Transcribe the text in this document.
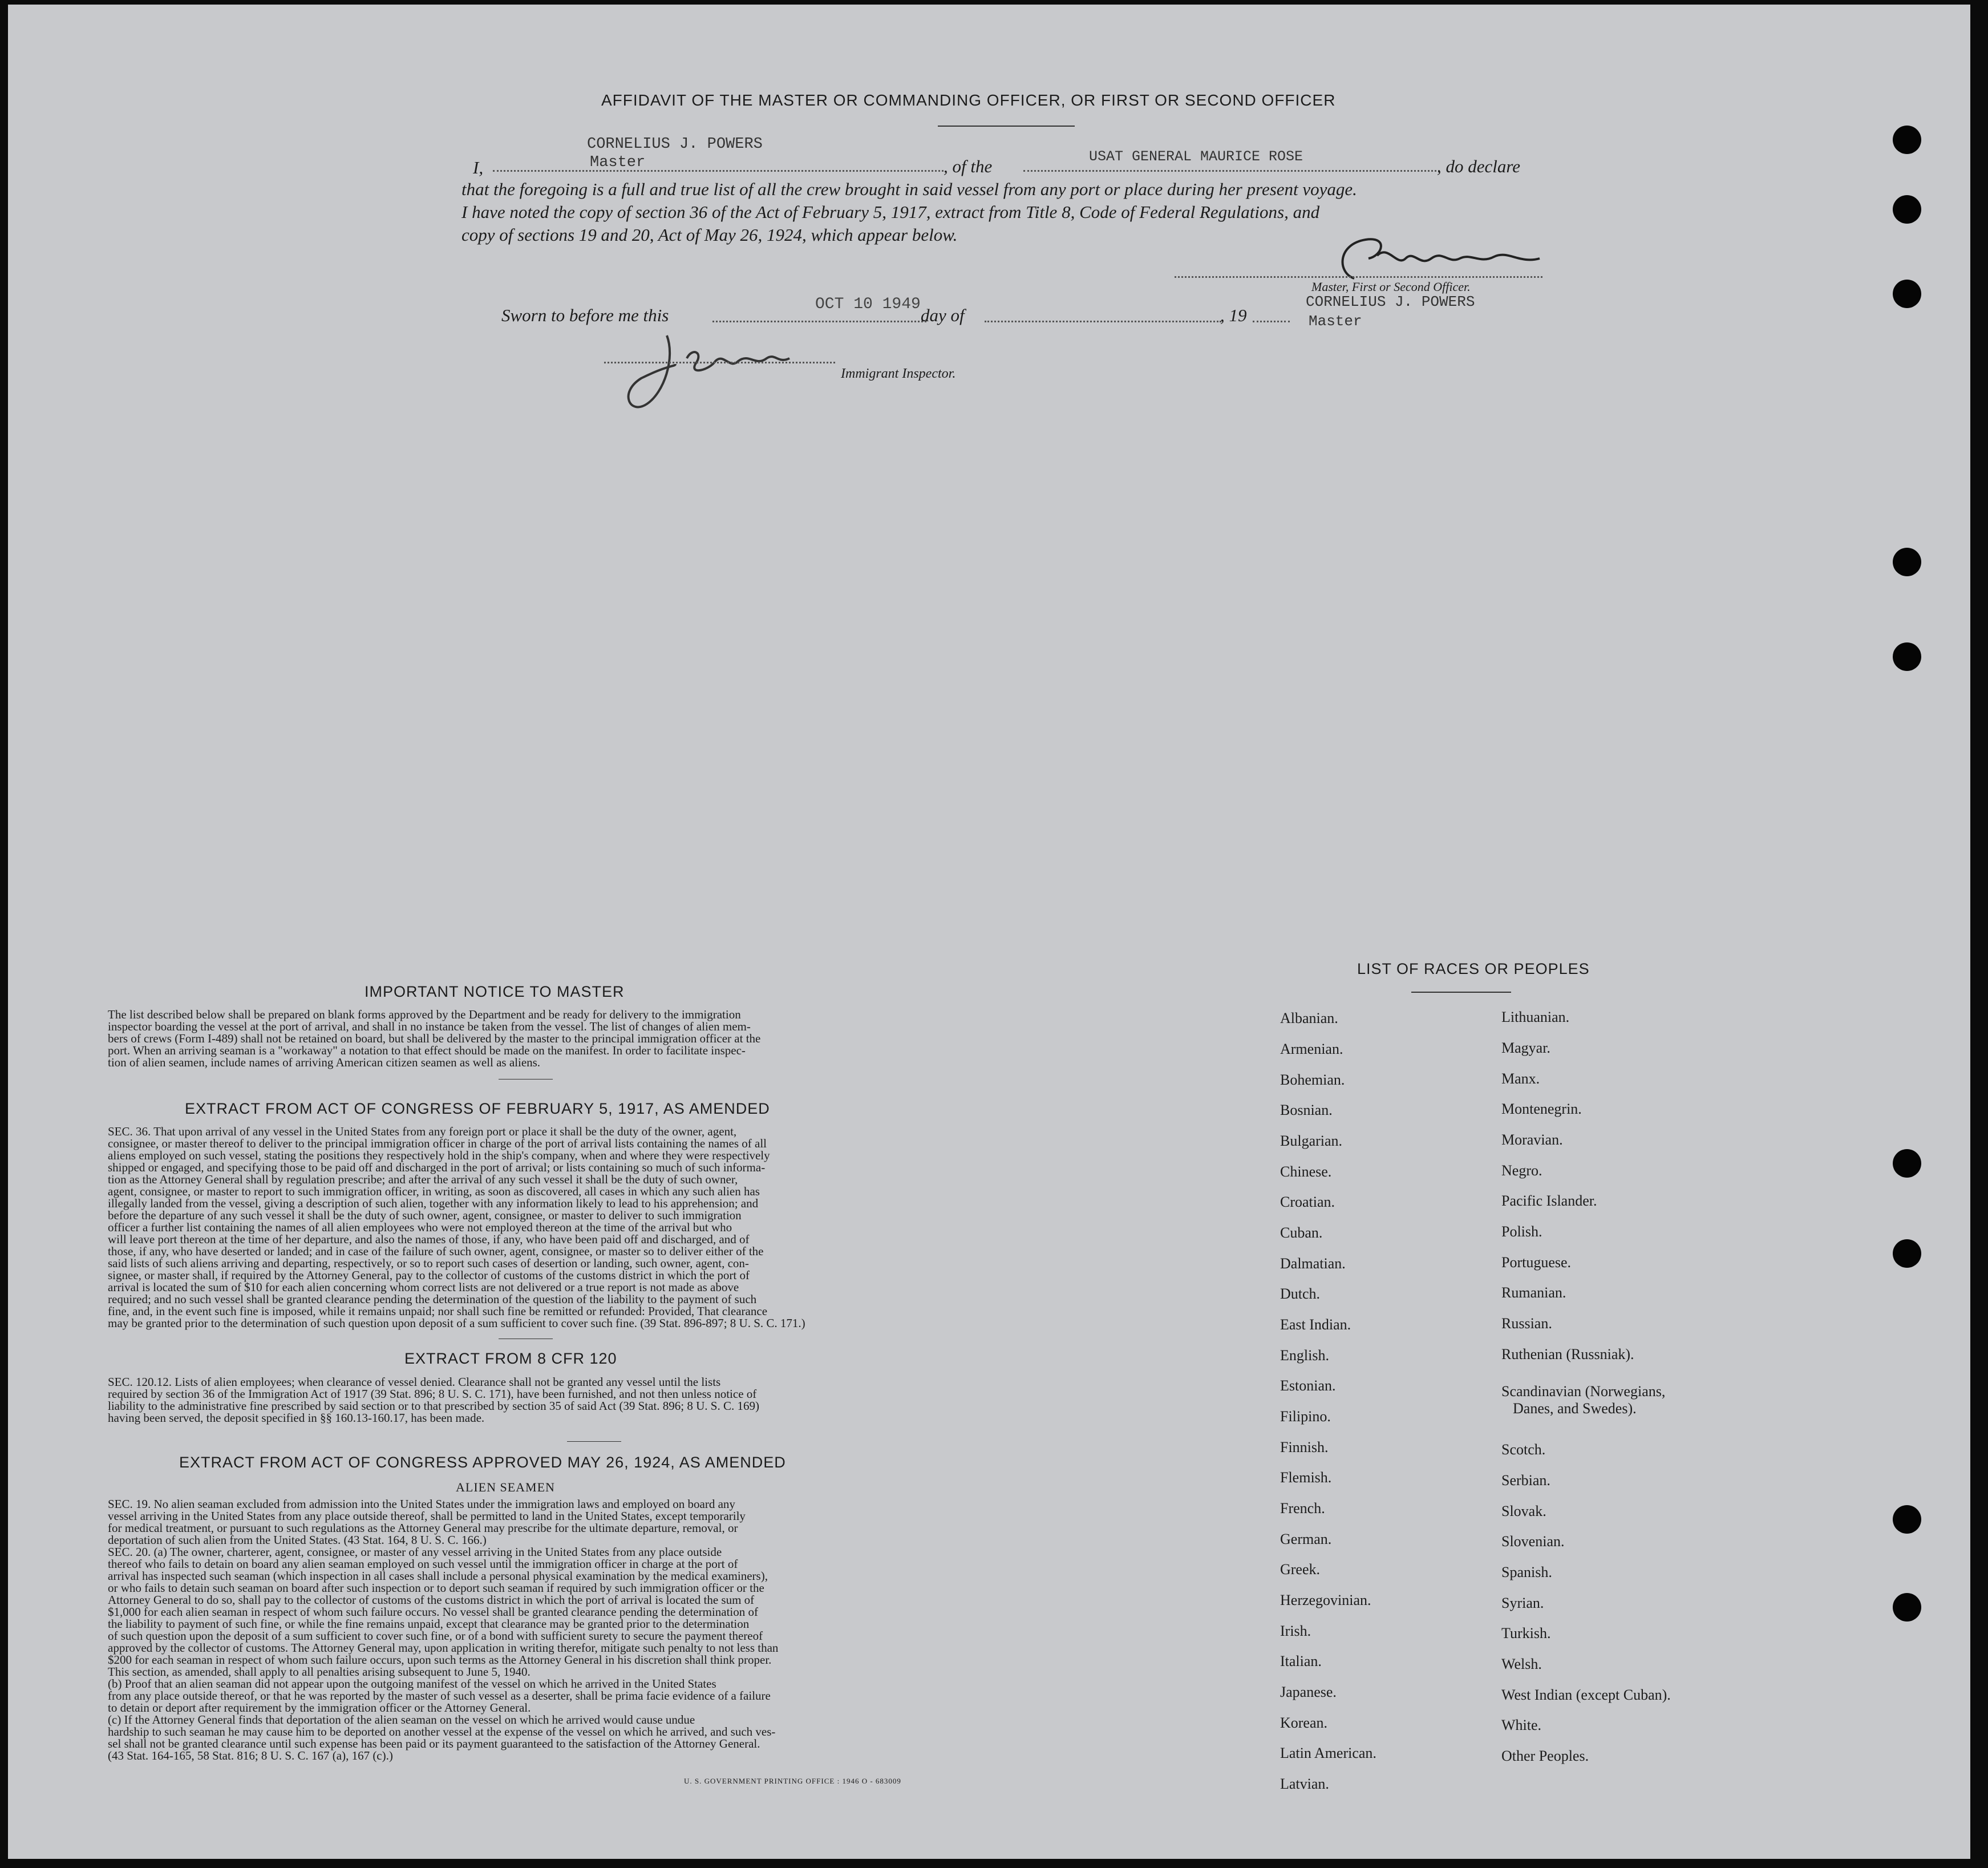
AFFIDAVIT OF THE MASTER OR COMMANDING OFFICER, OR FIRST OR SECOND OFFICER
CORNELIUS J. POWERS
Master
I,	, of the	USAT GENERAL MAURICE ROSE	, do declare
that the foregoing is a full and true list of all the crew brought in said vessel from any port or place during her present voyage.
I have noted the copy of section 36 of the Act of February 5, 1917, extract from Title 8, Code of Federal Regulations, and
copy of sections 19 and 20, Act of May 26, 1924, which appear below.
Master, First or Second Officer.
CORNELIUS J. POWERS
Master
Sworn to before me this
OCT 10 1949
day of	, 19
Immigrant Inspector.
IMPORTANT NOTICE TO MASTER

The list described below shall be prepared on blank forms approved by the Department and be ready for delivery to the immigration

inspector boarding the vessel at the port of arrival, and shall in no instance be taken from the vessel. The list of changes of alien mem-

bers of crews (Form I-489) shall not be retained on board, but shall be delivered by the master to the principal immigration officer at the

port. When an arriving seaman is a "workaway" a notation to that effect should be made on the manifest. In order to facilitate inspec-

tion of alien seamen, include names of arriving American citizen seamen as well as aliens.

EXTRACT FROM ACT OF CONGRESS OF FEBRUARY 5, 1917, AS AMENDED

SEC. 36. That upon arrival of any vessel in the United States from any foreign port or place it shall be the duty of the owner, agent,

consignee, or master thereof to deliver to the principal immigration officer in charge of the port of arrival lists containing the names of all

aliens employed on such vessel, stating the positions they respectively hold in the ship's company, when and where they were respectively

shipped or engaged, and specifying those to be paid off and discharged in the port of arrival; or lists containing so much of such informa-

tion as the Attorney General shall by regulation prescribe; and after the arrival of any such vessel it shall be the duty of such owner,

agent, consignee, or master to report to such immigration officer, in writing, as soon as discovered, all cases in which any such alien has

illegally landed from the vessel, giving a description of such alien, together with any information likely to lead to his apprehension; and

before the departure of any such vessel it shall be the duty of such owner, agent, consignee, or master to deliver to such immigration

officer a further list containing the names of all alien employees who were not employed thereon at the time of the arrival but who

will leave port thereon at the time of her departure, and also the names of those, if any, who have been paid off and discharged, and of

those, if any, who have deserted or landed; and in case of the failure of such owner, agent, consignee, or master so to deliver either of the

said lists of such aliens arriving and departing, respectively, or so to report such cases of desertion or landing, such owner, agent, con-

signee, or master shall, if required by the Attorney General, pay to the collector of customs of the customs district in which the port of

arrival is located the sum of $10 for each alien concerning whom correct lists are not delivered or a true report is not made as above

required; and no such vessel shall be granted clearance pending the determination of the question of the liability to the payment of such

fine, and, in the event such fine is imposed, while it remains unpaid; nor shall such fine be remitted or refunded: Provided, That clearance

may be granted prior to the determination of such question upon deposit of a sum sufficient to cover such fine. (39 Stat. 896-897; 8 U. S. C. 171.)

EXTRACT FROM 8 CFR 120

SEC. 120.12. Lists of alien employees; when clearance of vessel denied. Clearance shall not be granted any vessel until the lists

required by section 36 of the Immigration Act of 1917 (39 Stat. 896; 8 U. S. C. 171), have been furnished, and not then unless notice of

liability to the administrative fine prescribed by said section or to that prescribed by section 35 of said Act (39 Stat. 896; 8 U. S. C. 169)

having been served, the deposit specified in §§ 160.13-160.17, has been made.

EXTRACT FROM ACT OF CONGRESS APPROVED MAY 26, 1924, AS AMENDED
ALIEN SEAMEN

SEC. 19. No alien seaman excluded from admission into the United States under the immigration laws and employed on board any

vessel arriving in the United States from any place outside thereof, shall be permitted to land in the United States, except temporarily

for medical treatment, or pursuant to such regulations as the Attorney General may prescribe for the ultimate departure, removal, or

deportation of such alien from the United States. (43 Stat. 164, 8 U. S. C. 166.)

SEC. 20. (a) The owner, charterer, agent, consignee, or master of any vessel arriving in the United States from any place outside

thereof who fails to detain on board any alien seaman employed on such vessel until the immigration officer in charge at the port of

arrival has inspected such seaman (which inspection in all cases shall include a personal physical examination by the medical examiners),

or who fails to detain such seaman on board after such inspection or to deport such seaman if required by such immigration officer or the

Attorney General to do so, shall pay to the collector of customs of the customs district in which the port of arrival is located the sum of

$1,000 for each alien seaman in respect of whom such failure occurs. No vessel shall be granted clearance pending the determination of

the liability to payment of such fine, or while the fine remains unpaid, except that clearance may be granted prior to the determination

of such question upon the deposit of a sum sufficient to cover such fine, or of a bond with sufficient surety to secure the payment thereof

approved by the collector of customs. The Attorney General may, upon application in writing therefor, mitigate such penalty to not less than

$200 for each seaman in respect of whom such failure occurs, upon such terms as the Attorney General in his discretion shall think proper.

This section, as amended, shall apply to all penalties arising subsequent to June 5, 1940.

(b) Proof that an alien seaman did not appear upon the outgoing manifest of the vessel on which he arrived in the United States

from any place outside thereof, or that he was reported by the master of such vessel as a deserter, shall be prima facie evidence of a failure

to detain or deport after requirement by the immigration officer or the Attorney General.

(c) If the Attorney General finds that deportation of the alien seaman on the vessel on which he arrived would cause undue

hardship to such seaman he may cause him to be deported on another vessel at the expense of the vessel on which he arrived, and such ves-

sel shall not be granted clearance until such expense has been paid or its payment guaranteed to the satisfaction of the Attorney General.

(43 Stat. 164-165, 58 Stat. 816; 8 U. S. C. 167 (a), 167 (c).)

U. S. GOVERNMENT PRINTING OFFICE : 1946 O - 683009
LIST OF RACES OR PEOPLES
Albanian.
Armenian.
Bohemian.
Bosnian.
Bulgarian.
Chinese.
Croatian.
Cuban.
Dalmatian.
Dutch.
East Indian.
English.
Estonian.
Filipino.
Finnish.
Flemish.
French.
German.
Greek.
Herzegovinian.
Irish.
Italian.
Japanese.
Korean.
Latin American.
Latvian.
Lithuanian.
Magyar.
Manx.
Montenegrin.
Moravian.
Negro.
Pacific Islander.
Polish.
Portuguese.
Rumanian.
Russian.
Ruthenian (Russniak).
Scandinavian (Norwegians,
Danes, and Swedes).
Scotch.
Serbian.
Slovak.
Slovenian.
Spanish.
Syrian.
Turkish.
Welsh.
West Indian (except Cuban).
White.
Other Peoples.
